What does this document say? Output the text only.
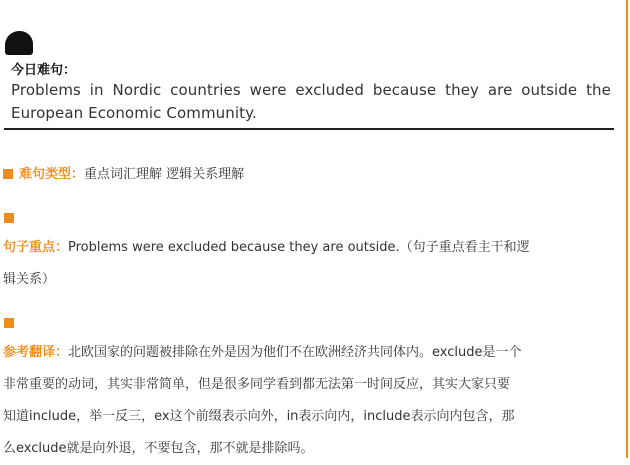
今日难句：
Problems in Nordic countries were excluded because they are outside the European Economic Community.
难句类型：重点词汇理解 逻辑关系理解
句子重点：Problems were excluded because they are outside.（句子重点看主干和逻
辑关系）
参考翻译：北欧国家的问题被排除在外是因为他们不在欧洲经济共同体内。exclude是一个
非常重要的动词，其实非常简单，但是很多同学看到都无法第一时间反应，其实大家只要
知道include，举一反三，ex这个前缀表示向外，in表示向内，include表示向内包含，那
么exclude就是向外退，不要包含，那不就是排除吗。
